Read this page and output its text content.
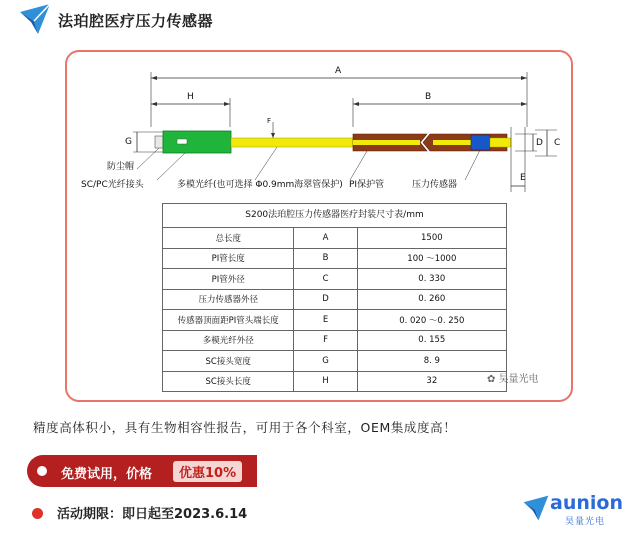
法珀腔医疗压力传感器
A
H	B
F
G	D C
E
防尘帽
SC/PC光纤接头	多模光纤(也可选择 Φ0.9mm海翠管保护) PI保护管	压力传感器
S200法珀腔压力传感器医疗封装尺寸表/mm
总长度	A	1500
PI管长度	B	100 ～1000
PI管外径	C	0. 330
压力传感器外径	D	0. 260
传感器顶面距PI管头端长度	E	0. 020 ～0. 250
多模光纤外径	F	0. 155
SC接头宽度	G	8. 9
SC接头长度	H	32	✿ 昊量光电
精度高体积小，具有生物相容性报告，可用于各个科室，OEM集成度高！
免费试用，价格	优惠10%
活动期限：即日起至2023.6.14
aunion
昊量光电
